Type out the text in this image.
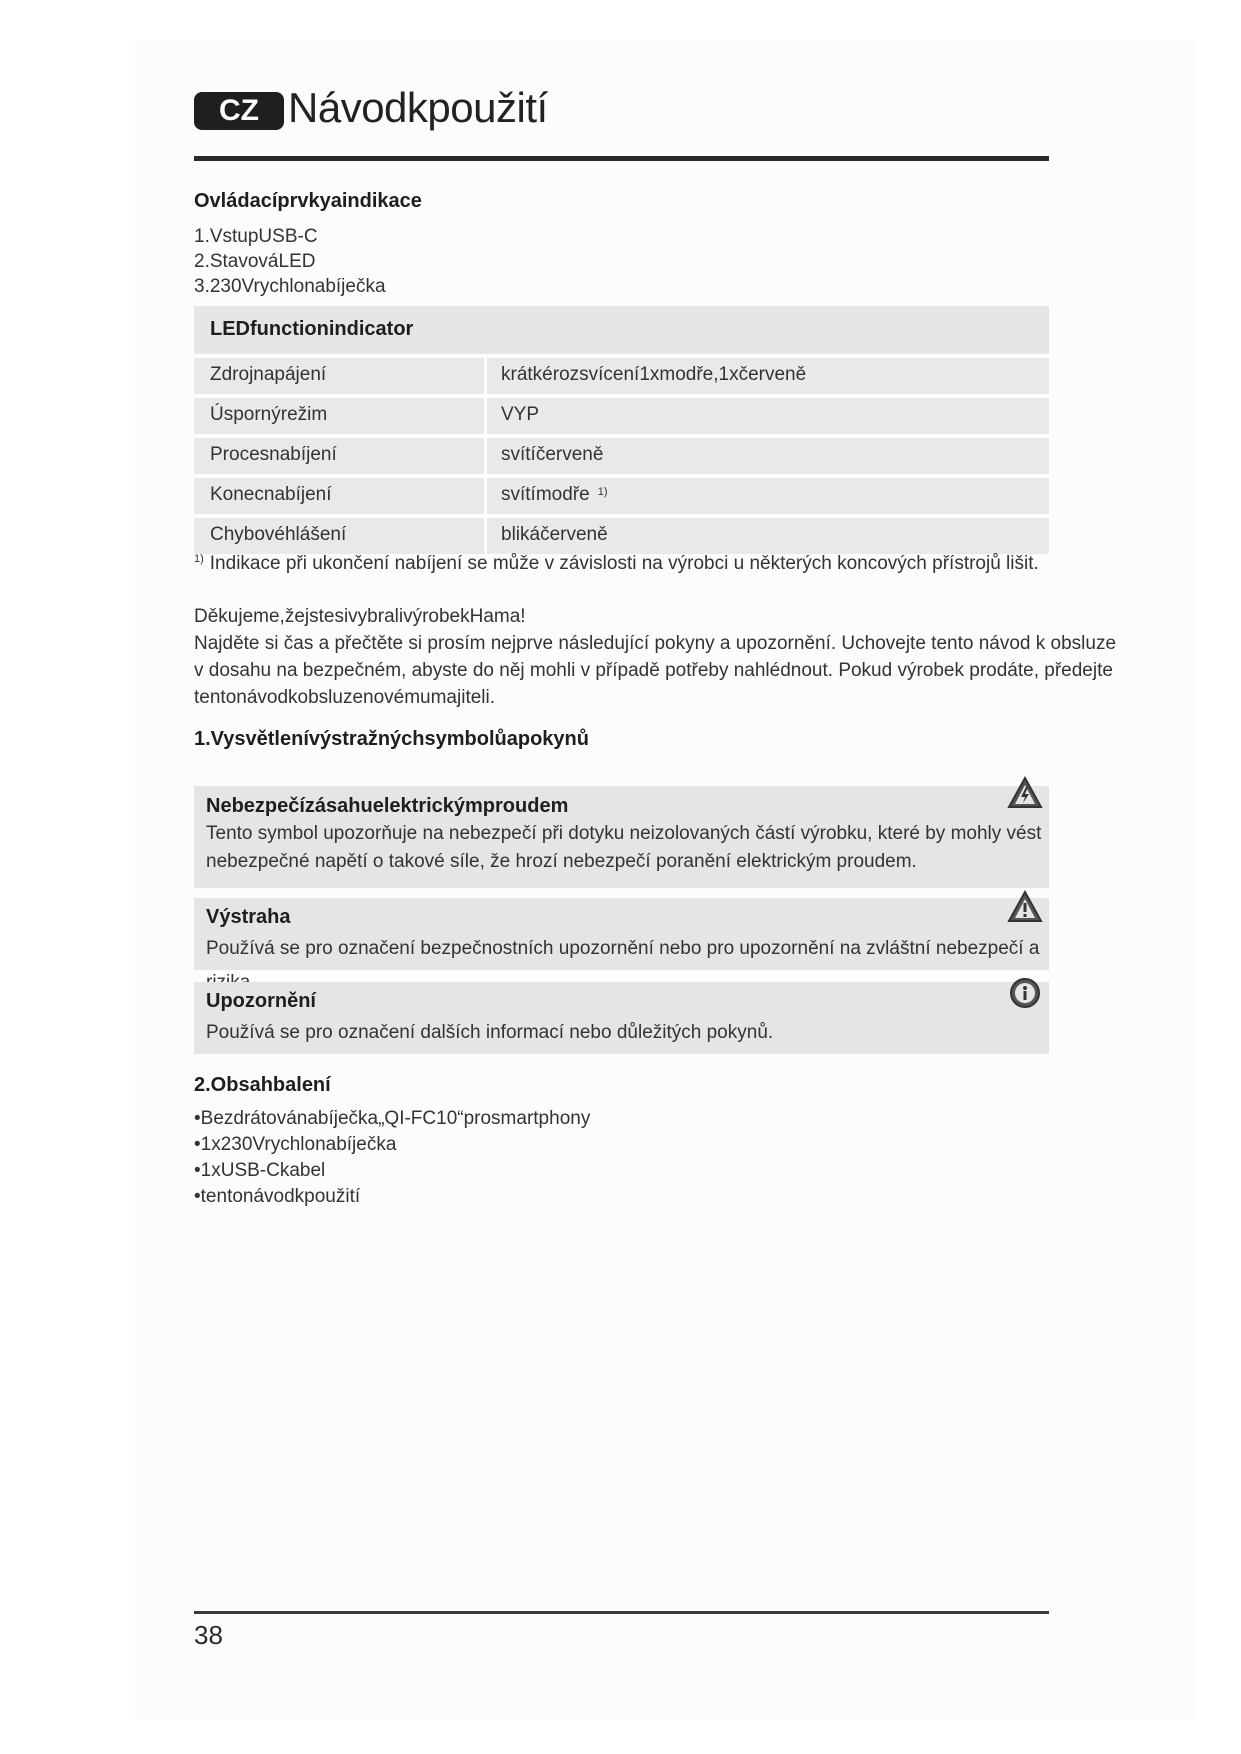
CZ Návodkpoužití
Ovládacíprvkyaindikace
1.VstupUSB-C
2.StavováLED
3.230Vrychlonabíječka
LEDfunctionindicator
Zdrojnapájení	krátkérozsvícení1xmodře,1xčerveně
Úspornýrežim	VYP
Procesnabíjení	svítíčerveně
Konecnabíjení	svítímodře $^{1)}$
Chybovéhlášení	blikáčerveně
$^{1)}$ Indikace při ukončení nabíjení se může v závislosti na výrobci u některých koncových přístrojů lišit.
Děkujeme,žejstesivybralivýrobekHama!
Najděte si čas a přečtěte si prosím nejprve následující pokyny a upozornění. Uchovejte tento návod k obsluze
v dosahu na bezpečném, abyste do něj mohli v případě potřeby nahlédnout. Pokud výrobek prodáte, předejte
tentonávodkobsluzenovémumajiteli.
1.Vysvětlenívýstražnýchsymbolůapokynů
Nebezpečízásahuelektrickýmproudem
Tento symbol upozorňuje na nebezpečí při dotyku neizolovaných částí výrobku, které by mohly vést
nebezpečné napětí o takové síle, že hrozí nebezpečí poranění elektrickým proudem.
Výstraha
Používá se pro označení bezpečnostních upozornění nebo pro upozornění na zvláštní nebezpečí a
Upozornění
Používá se pro označení dalších informací nebo důležitých pokynů.
2.Obsahbalení
•Bezdrátovánabíječka„QI-FC10“prosmartphony
•1x230Vrychlonabíječka
•1xUSB-Ckabel
•tentonávodkpoužití
38
